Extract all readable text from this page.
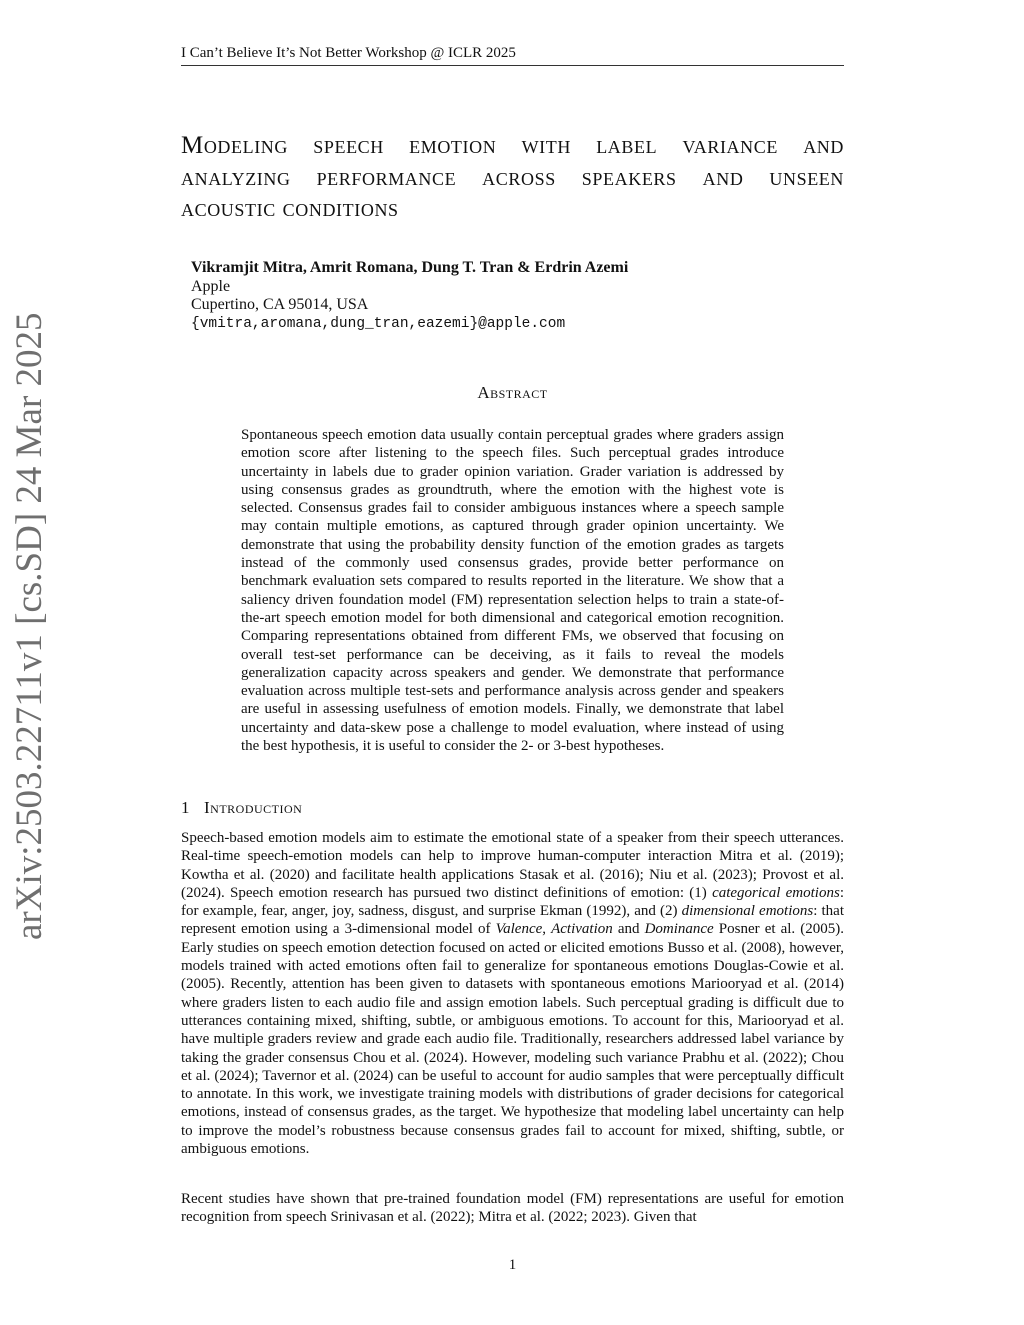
I Can’t Believe It’s Not Better Workshop @ ICLR 2025
arXiv:2503.22711v1 [cs.SD] 24 Mar 2025
Modeling speech emotion with label variance and analyzing performance across speakers and unseen acoustic conditions
Vikramjit Mitra, Amrit Romana, Dung T. Tran & Erdrin Azemi
Apple
Cupertino, CA 95014, USA
{vmitra,aromana,dung_tran,eazemi}@apple.com
Abstract

Spontaneous speech emotion data usually contain perceptual grades where graders assign emotion score after listening to the speech files. Such perceptual grades introduce uncertainty in labels due to grader opinion variation. Grader variation is addressed by using consensus grades as groundtruth, where the emotion with the highest vote is selected. Consensus grades fail to consider ambiguous instances where a speech sample may contain multiple emotions, as captured through grader opinion uncertainty. We demonstrate that using the probability density function of the emotion grades as targets instead of the commonly used consensus grades, provide better performance on benchmark evaluation sets compared to results reported in the literature. We show that a saliency driven foundation model (FM) representation selection helps to train a state-of-the-art speech emotion model for both dimensional and categorical emotion recognition. Comparing representations obtained from different FMs, we observed that focusing on overall test-set performance can be deceiving, as it fails to reveal the models generalization capacity across speakers and gender. We demonstrate that performance evaluation across multiple test-sets and performance analysis across gender and speakers are useful in assessing usefulness of emotion models. Finally, we demonstrate that label uncertainty and data-skew pose a challenge to model evaluation, where instead of using the best hypothesis, it is useful to consider the 2- or 3-best hypotheses.

1 Introduction

Speech-based emotion models aim to estimate the emotional state of a speaker from their speech utterances. Real-time speech-emotion models can help to improve human-computer interaction Mitra et al. (2019); Kowtha et al. (2020) and facilitate health applications Stasak et al. (2016); Niu et al. (2023); Provost et al. (2024). Speech emotion research has pursued two distinct definitions of emotion: (1) categorical emotions: for example, fear, anger, joy, sadness, disgust, and surprise Ekman (1992), and (2) dimensional emotions: that represent emotion using a 3-dimensional model of Valence, Activation and Dominance Posner et al. (2005). Early studies on speech emotion detection focused on acted or elicited emotions Busso et al. (2008), however, models trained with acted emotions often fail to generalize for spontaneous emotions Douglas-Cowie et al. (2005). Recently, attention has been given to datasets with spontaneous emotions Mariooryad et al. (2014) where graders listen to each audio file and assign emotion labels. Such perceptual grading is difficult due to utterances containing mixed, shifting, subtle, or ambiguous emotions. To account for this, Mariooryad et al. have multiple graders review and grade each audio file. Traditionally, researchers addressed label variance by taking the grader consensus Chou et al. (2024). However, modeling such variance Prabhu et al. (2022); Chou et al. (2024); Tavernor et al. (2024) can be useful to account for audio samples that were perceptually difficult to annotate. In this work, we investigate training models with distributions of grader decisions for categorical emotions, instead of consensus grades, as the target. We hypothesize that modeling label uncertainty can help to improve the model’s robustness because consensus grades fail to account for mixed, shifting, subtle, or ambiguous emotions.

Recent studies have shown that pre-trained foundation model (FM) representations are useful for emotion recognition from speech Srinivasan et al. (2022); Mitra et al. (2022; 2023). Given that

1
